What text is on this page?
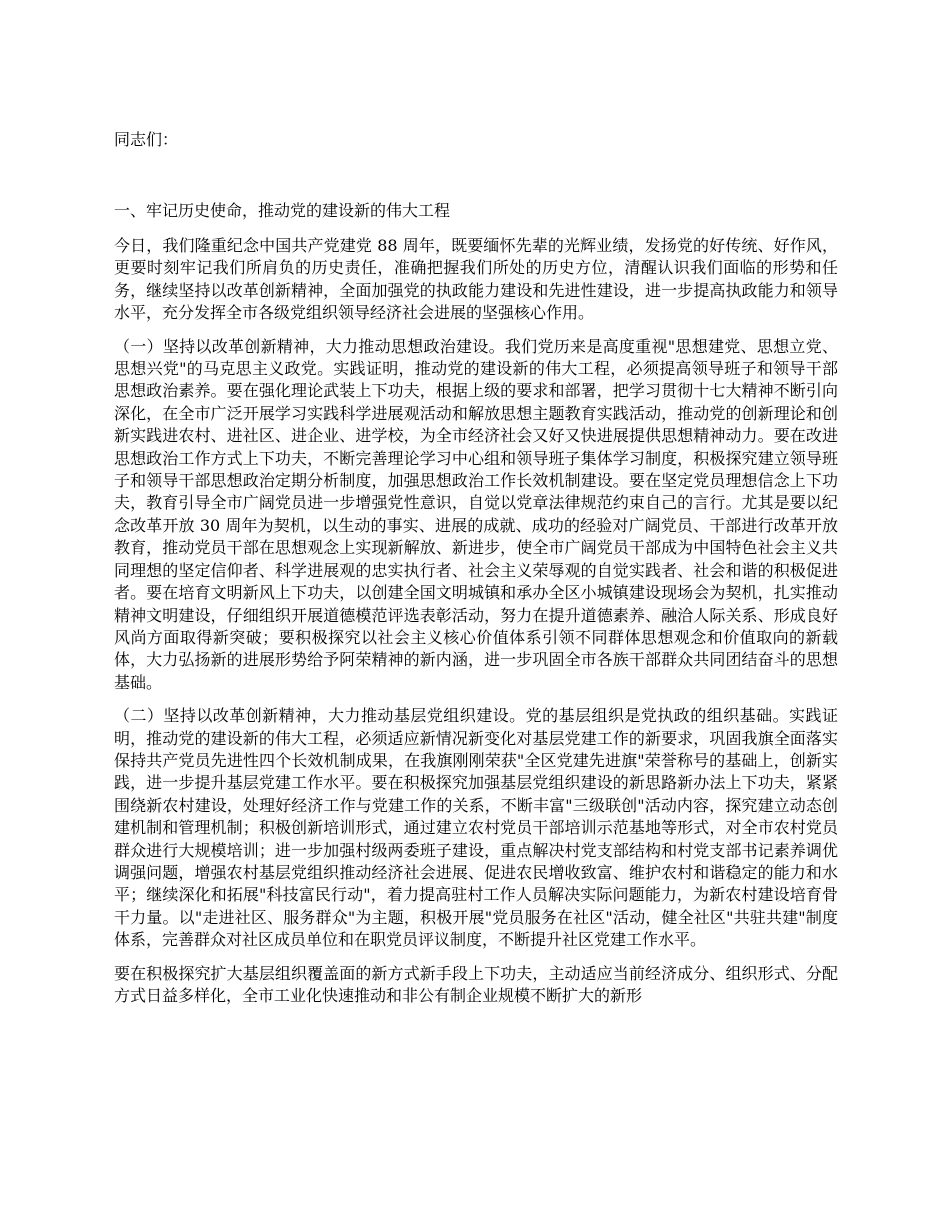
同志们：

一、牢记历史使命，推动党的建设新的伟大工程

今日，我们隆重纪念中国共产党建党 88 周年，既要缅怀先辈的光辉业绩，发扬党的好传统、好作风，更要时刻牢记我们所肩负的历史责任，准确把握我们所处的历史方位，清醒认识我们面临的形势和任务，继续坚持以改革创新精神，全面加强党的执政能力建设和先进性建设，进一步提高执政能力和领导水平，充分发挥全市各级党组织领导经济社会进展的坚强核心作用。

（一）坚持以改革创新精神，大力推动思想政治建设。我们党历来是高度重视"思想建党、思想立党、思想兴党"的马克思主义政党。实践证明，推动党的建设新的伟大工程，必须提高领导班子和领导干部思想政治素养。要在强化理论武装上下功夫，根据上级的要求和部署，把学习贯彻十七大精神不断引向深化，在全市广泛开展学习实践科学进展观活动和解放思想主题教育实践活动，推动党的创新理论和创新实践进农村、进社区、进企业、进学校，为全市经济社会又好又快进展提供思想精神动力。要在改进思想政治工作方式上下功夫，不断完善理论学习中心组和领导班子集体学习制度，积极探究建立领导班子和领导干部思想政治定期分析制度，加强思想政治工作长效机制建设。要在坚定党员理想信念上下功夫，教育引导全市广阔党员进一步增强党性意识，自觉以党章法律规范约束自己的言行。尤其是要以纪念改革开放 30 周年为契机，以生动的事实、进展的成就、成功的经验对广阔党员、干部进行改革开放教育，推动党员干部在思想观念上实现新解放、新进步，使全市广阔党员干部成为中国特色社会主义共同理想的坚定信仰者、科学进展观的忠实执行者、社会主义荣辱观的自觉实践者、社会和谐的积极促进者。要在培育文明新风上下功夫，以创建全国文明城镇和承办全区小城镇建设现场会为契机，扎实推动精神文明建设，仔细组织开展道德模范评选表彰活动，努力在提升道德素养、融洽人际关系、形成良好风尚方面取得新突破；要积极探究以社会主义核心价值体系引领不同群体思想观念和价值取向的新载体，大力弘扬新的进展形势给予阿荣精神的新内涵，进一步巩固全市各族干部群众共同团结奋斗的思想基础。

（二）坚持以改革创新精神，大力推动基层党组织建设。党的基层组织是党执政的组织基础。实践证明，推动党的建设新的伟大工程，必须适应新情况新变化对基层党建工作的新要求，巩固我旗全面落实保持共产党员先进性四个长效机制成果，在我旗刚刚荣获"全区党建先进旗"荣誉称号的基础上，创新实践，进一步提升基层党建工作水平。要在积极探究加强基层党组织建设的新思路新办法上下功夫，紧紧围绕新农村建设，处理好经济工作与党建工作的关系，不断丰富"三级联创"活动内容，探究建立动态创建机制和管理机制；积极创新培训形式，通过建立农村党员干部培训示范基地等形式，对全市农村党员群众进行大规模培训；进一步加强村级两委班子建设，重点解决村党支部结构和村党支部书记素养调优调强问题，增强农村基层党组织推动经济社会进展、促进农民增收致富、维护农村和谐稳定的能力和水平；继续深化和拓展"科技富民行动"，着力提高驻村工作人员解决实际问题能力，为新农村建设培育骨干力量。以"走进社区、服务群众"为主题，积极开展"党员服务在社区"活动，健全社区"共驻共建"制度体系，完善群众对社区成员单位和在职党员评议制度，不断提升社区党建工作水平。

要在积极探究扩大基层组织覆盖面的新方式新手段上下功夫，主动适应当前经济成分、组织形式、分配方式日益多样化，全市工业化快速推动和非公有制企业规模不断扩大的新形
